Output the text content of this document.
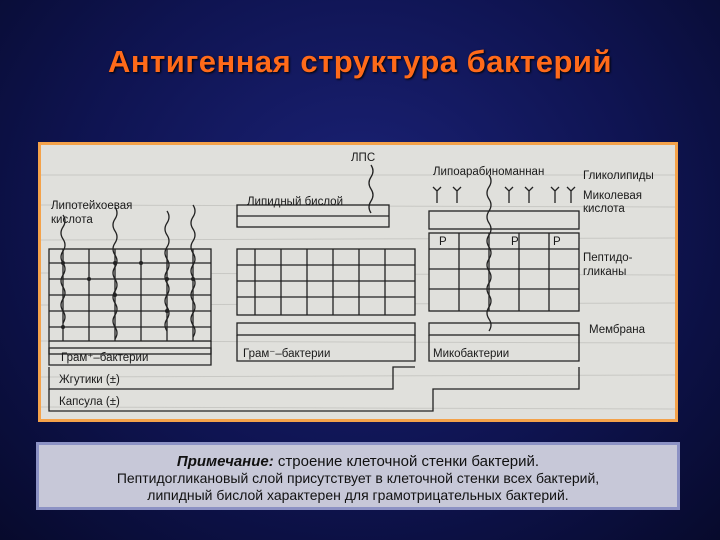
Антигенная структура бактерий
Липотейхоевая
кислота
Липидный бислой
ЛПС
Липоарабиноманнан	Гликолипиды
Миколевая
кислота
Пептидо-
гликаны
Мембрана
Грам⁺–бактерии	Грам⁻–бактерии	Микобактерии
Жгутики (±)
Капсула (±)
Р	Р	Р
Примечание: строение клеточной стенки бактерий.
Пептидогликановый слой присутствует в клеточной стенки всех бактерий,
липидный бислой характерен для грамотрицательных бактерий.
